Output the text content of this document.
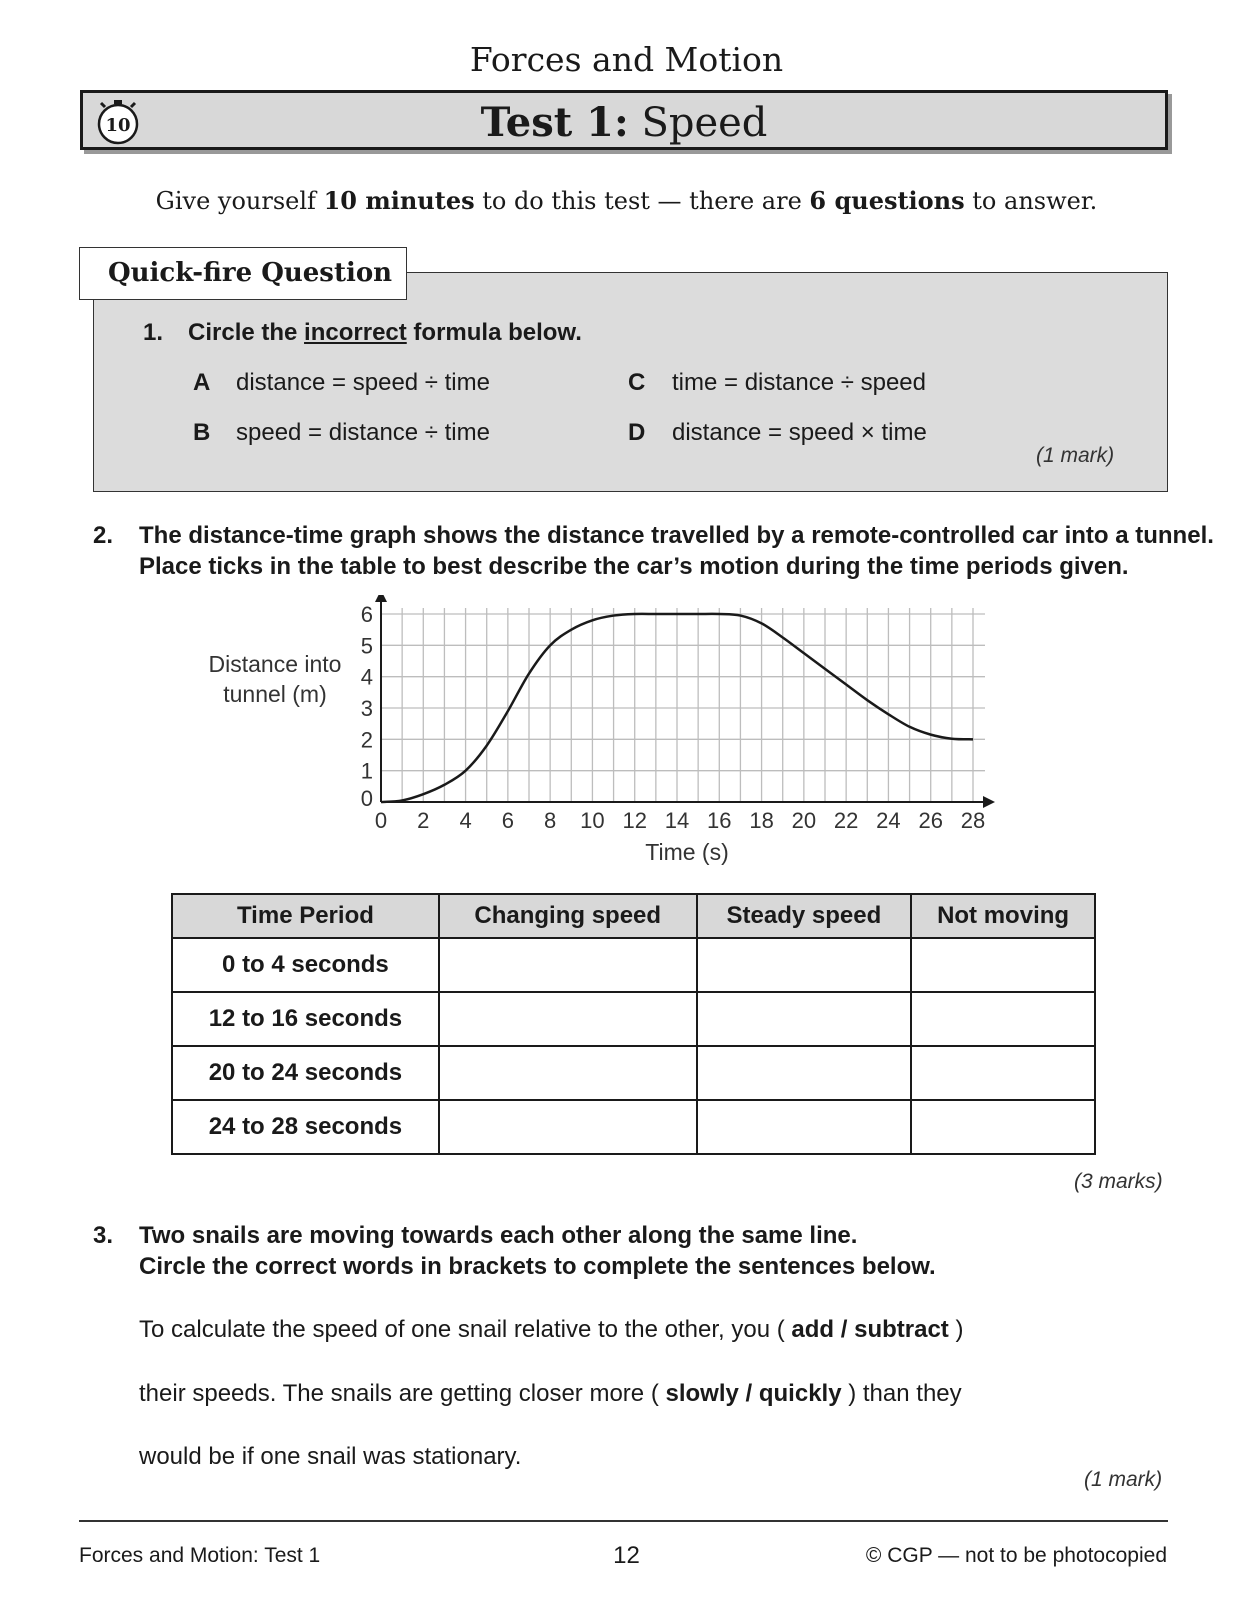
Forces and Motion
10	Test 1: Speed
Give yourself 10 minutes to do this test — there are 6 questions to answer.
Quick-fire Question
1. Circle the incorrect formula below.
A distance = speed ÷ time
B speed = distance ÷ time
C time = distance ÷ speed
D distance = speed × time
(1 mark)
2. The distance-time graph shows the distance travelled by a remote-controlled car into a tunnel.
Place ticks in the table to best describe the car’s motion during the time periods given.
0 2 4 6 8 10 12 14 16 18 20 22 24 26 28
0
1
2
3
4
5
6
Distance into
tunnel (m)
Time (s)
Time Period	Changing speed	Steady speed	Not moving
0 to 4 seconds			
12 to 16 seconds			
20 to 24 seconds			
24 to 28 seconds			
(3 marks)
3. Two snails are moving towards each other along the same line.
Circle the correct words in brackets to complete the sentences below.
To calculate the speed of one snail relative to the other, you ( add / subtract )
their speeds. The snails are getting closer more ( slowly / quickly ) than they
would be if one snail was stationary.
(1 mark)
Forces and Motion: Test 1	12	© CGP — not to be photocopied
